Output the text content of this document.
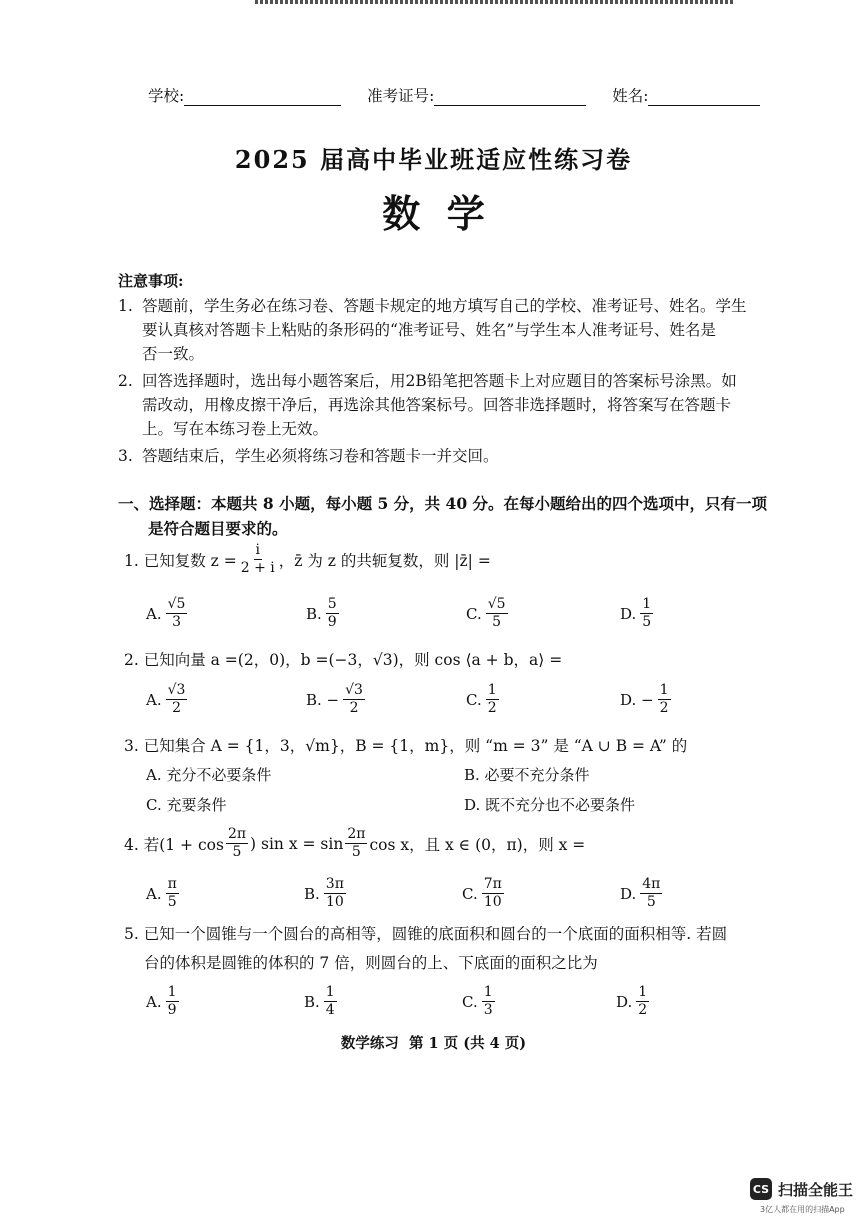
学校:	准考证号:	姓名:
2025 届高中毕业班适应性练习卷
数  学
注意事项:
1. 答题前，学生务必在练习卷、答题卡规定的地方填写自己的学校、准考证号、姓名。学生
要认真核对答题卡上粘贴的条形码的“准考证号、姓名”与学生本人准考证号、姓名是
否一致。
2. 回答选择题时，选出每小题答案后，用2B铅笔把答题卡上对应题目的答案标号涂黑。如
需改动，用橡皮擦干净后，再选涂其他答案标号。回答非选择题时，将答案写在答题卡
上。写在本练习卷上无效。
3. 答题结束后，学生必须将练习卷和答题卡一并交回。
一、选择题：本题共 8 小题，每小题 5 分，共 40 分。在每小题给出的四个选项中，只有一项
是符合题目要求的。
1. 已知复数 $z = \frac{i}{2 + i}$ ，z̄ 为 z 的共轭复数，则 |z̄| =
A. $\frac{√5}{3}$	B. $\frac{5}{9}$	C. $\frac{√5}{5}$	D. $\frac{1}{5}$
2. 已知向量 a =(2，0)，b =(−3，√3)，则 cos ⟨a + b，a⟩ =
A. $\frac{√3}{2}$	B. − $\frac{√3}{2}$	C. $\frac{1}{2}$	D. − $\frac{1}{2}$
3. 已知集合 A = {1，3，√m}，B = {1，m}，则 “m = 3” 是 “A ∪ B = A” 的
A. 充分不必要条件	B. 必要不充分条件
C. 充要条件	D. 既不充分也不必要条件
4. 若($1 + \cos \frac{2\pi}{5}$ ) $\sin x = \sin \frac{2\pi}{5}$ cos x，且 x ∈ (0，π)，则 x =
A. $\frac{\pi}{5}$	B. $\frac{3\pi}{10}$	C. $\frac{7\pi}{10}$	D. $\frac{4\pi}{5}$
5. 已知一个圆锥与一个圆台的高相等，圆锥的底面积和圆台的一个底面的面积相等. 若圆
台的体积是圆锥的体积的 7 倍，则圆台的上、下底面的面积之比为
A. $\frac{1}{9}$	B. $\frac{1}{4}$	C. $\frac{1}{3}$	D. $\frac{1}{2}$
数学练习  第 1 页 (共 4 页)
CS 扫描全能王
3亿人都在用的扫描App
